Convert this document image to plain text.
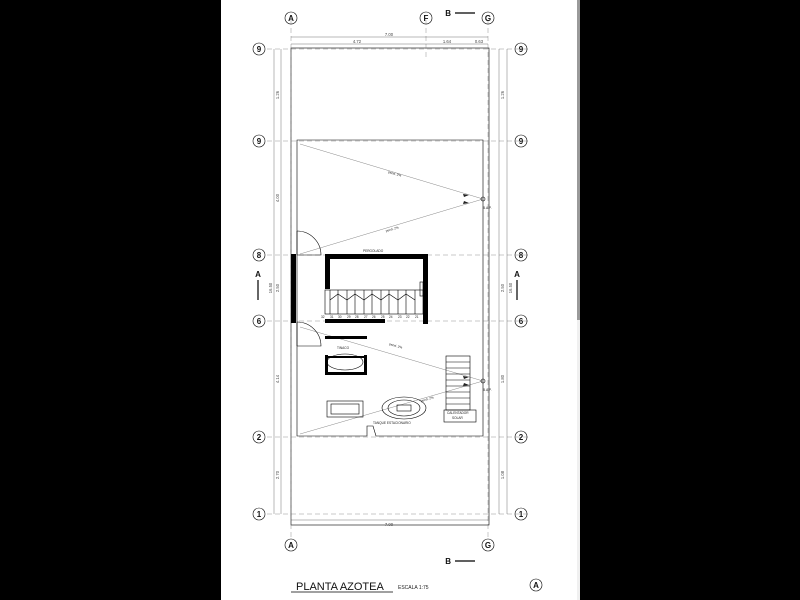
A	F	G
A	G
9
9
8
6
2
1
9
9
8
6
2
1
A
B
B
A	A
7.00
4.72	1.64	0.63
7.00
1.26
4.00
2.50
4.14
2.70
16.50
1.26
2.50
1.80
1.08
16.50
PERGOLADO
TINACO
TANQUE ESTACIONARIO
CALENTADOR
SOLAR
pend. 2%
pend. 2%
pend. 2%
pend. 2%
B.A.P.
B.A.P.
32 31 30 29 28 27 26 25 24 23 22 21
PLANTA AZOTEA	ESCALA 1:75
